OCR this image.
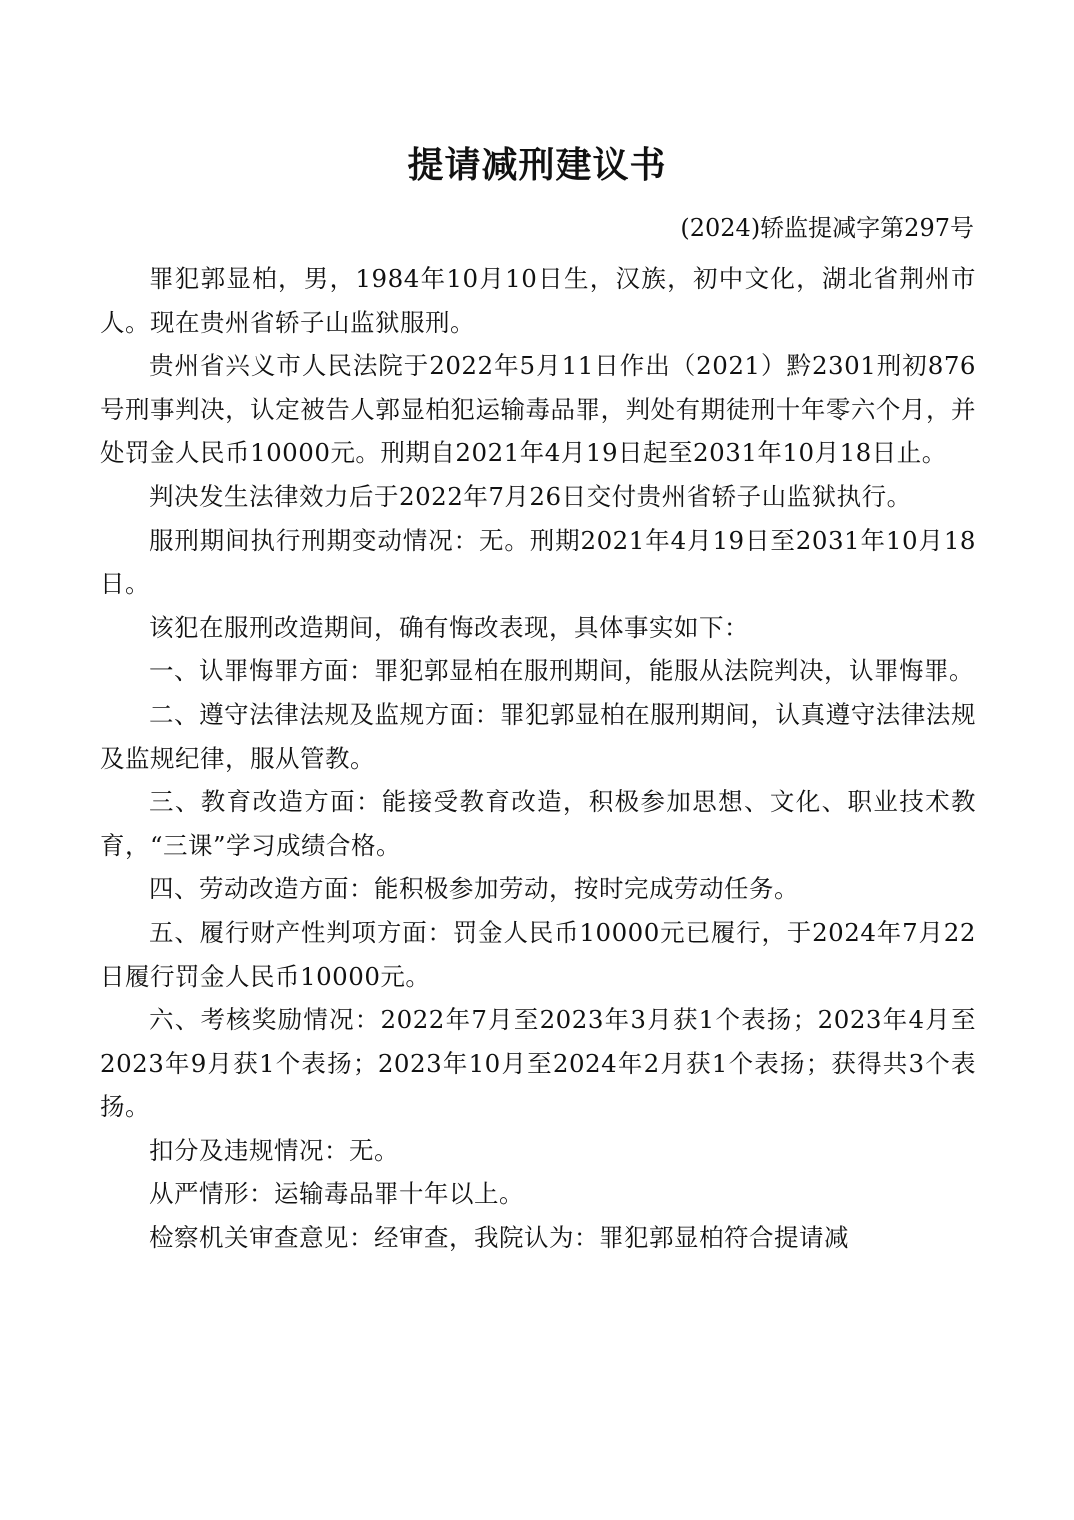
提请减刑建议书
(2024)轿监提减字第297号

罪犯郭显柏，男，1984年10月10日生，汉族，初中文化，湖北省荆州市人。现在贵州省轿子山监狱服刑。

贵州省兴义市人民法院于2022年5月11日作出（2021）黔2301刑初876号刑事判决，认定被告人郭显柏犯运输毒品罪，判处有期徒刑十年零六个月，并处罚金人民币10000元。刑期自2021年4月19日起至2031年10月18日止。

判决发生法律效力后于2022年7月26日交付贵州省轿子山监狱执行。

服刑期间执行刑期变动情况：无。刑期2021年4月19日至2031年10月18日。

该犯在服刑改造期间，确有悔改表现，具体事实如下：

一、认罪悔罪方面：罪犯郭显柏在服刑期间，能服从法院判决，认罪悔罪。

二、遵守法律法规及监规方面：罪犯郭显柏在服刑期间，认真遵守法律法规及监规纪律，服从管教。

三、教育改造方面：能接受教育改造，积极参加思想、文化、职业技术教育，“三课”学习成绩合格。

四、劳动改造方面：能积极参加劳动，按时完成劳动任务。

五、履行财产性判项方面：罚金人民币10000元已履行，于2024年7月22日履行罚金人民币10000元。

六、考核奖励情况：2022年7月至2023年3月获1个表扬；2023年4月至2023年9月获1个表扬；2023年10月至2024年2月获1个表扬；获得共3个表扬。

扣分及违规情况：无。

从严情形：运输毒品罪十年以上。

检察机关审查意见：经审查，我院认为：罪犯郭显柏符合提请减
